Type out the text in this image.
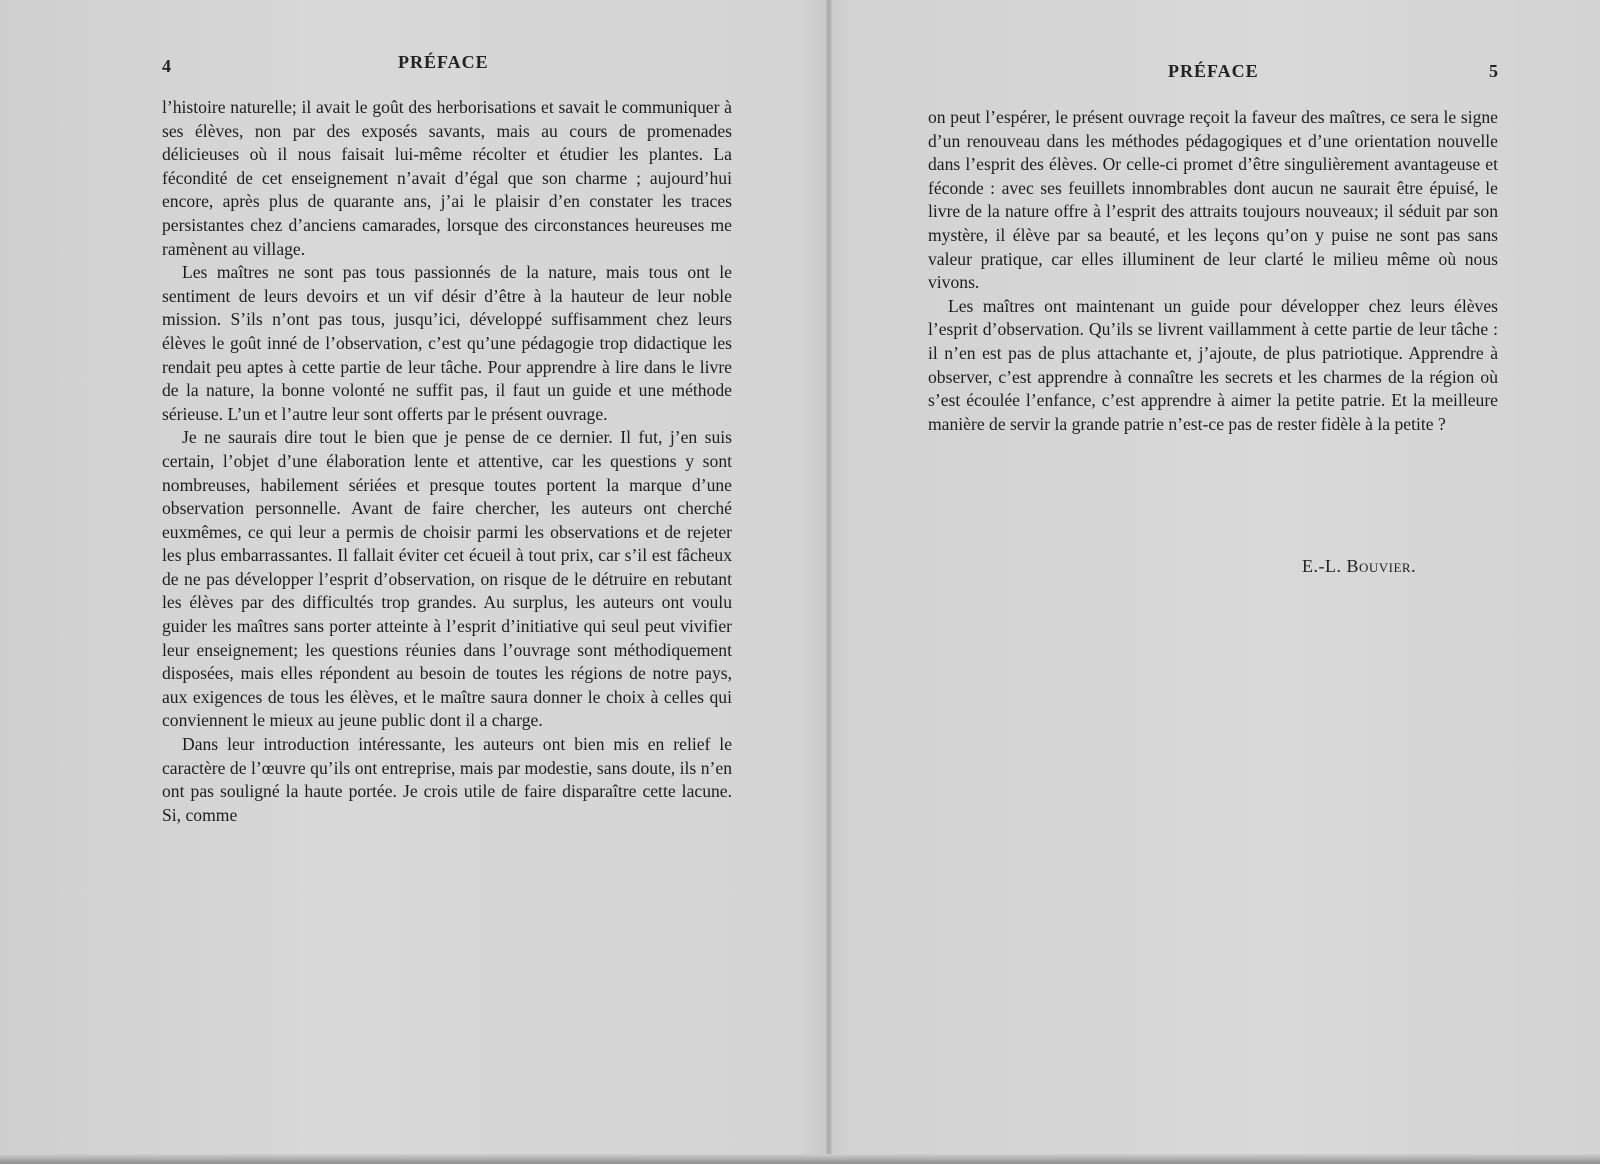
4	PRÉFACE

l’histoire naturelle; il avait le goût des herborisations et savait le communiquer à ses élèves, non par des exposés savants, mais au cours de promenades délicieuses où il nous faisait lui-même récolter et étudier les plantes. La fécondité de cet enseignement n’avait d’égal que son charme ; aujourd’hui encore, après plus de quarante ans, j’ai le plaisir d’en constater les traces persistantes chez d’anciens camarades, lorsque des circonstances heureuses me ramènent au village.

Les maîtres ne sont pas tous passionnés de la nature, mais tous ont le sentiment de leurs devoirs et un vif désir d’être à la hauteur de leur noble mission. S’ils n’ont pas tous, jusqu’ici, développé suffisamment chez leurs élèves le goût inné de l’observation, c’est qu’une pédagogie trop didactique les rendait peu aptes à cette partie de leur tâche. Pour apprendre à lire dans le livre de la nature, la bonne volonté ne suffit pas, il faut un guide et une méthode sérieuse. L’un et l’autre leur sont offerts par le présent ouvrage.

Je ne saurais dire tout le bien que je pense de ce dernier. Il fut, j’en suis certain, l’objet d’une élaboration lente et attentive, car les questions y sont nombreuses, habilement sériées et presque toutes portent la marque d’une observation personnelle. Avant de faire chercher, les auteurs ont cherché euxmêmes, ce qui leur a permis de choisir parmi les observations et de rejeter les plus embarrassantes. Il fallait éviter cet écueil à tout prix, car s’il est fâcheux de ne pas développer l’esprit d’observation, on risque de le détruire en rebutant les élèves par des difficultés trop grandes. Au surplus, les auteurs ont voulu guider les maîtres sans porter atteinte à l’esprit d’initiative qui seul peut vivifier leur enseignement; les questions réunies dans l’ouvrage sont méthodiquement disposées, mais elles répondent au besoin de toutes les régions de notre pays, aux exigences de tous les élèves, et le maître saura donner le choix à celles qui conviennent le mieux au jeune public dont il a charge.

Dans leur introduction intéressante, les auteurs ont bien mis en relief le caractère de l’œuvre qu’ils ont entreprise, mais par modestie, sans doute, ils n’en ont pas souligné la haute portée. Je crois utile de faire disparaître cette lacune. Si, comme

PRÉFACE	5

on peut l’espérer, le présent ouvrage reçoit la faveur des maîtres, ce sera le signe d’un renouveau dans les méthodes pédagogiques et d’une orientation nouvelle dans l’esprit des élèves. Or celle-ci promet d’être singulièrement avantageuse et féconde : avec ses feuillets innombrables dont aucun ne saurait être épuisé, le livre de la nature offre à l’esprit des attraits toujours nouveaux; il séduit par son mystère, il élève par sa beauté, et les leçons qu’on y puise ne sont pas sans valeur pratique, car elles illuminent de leur clarté le milieu même où nous vivons.

Les maîtres ont maintenant un guide pour développer chez leurs élèves l’esprit d’observation. Qu’ils se livrent vaillamment à cette partie de leur tâche : il n’en est pas de plus attachante et, j’ajoute, de plus patriotique. Apprendre à observer, c’est apprendre à connaître les secrets et les charmes de la région où s’est écoulée l’enfance, c’est apprendre à aimer la petite patrie. Et la meilleure manière de servir la grande patrie n’est-ce pas de rester fidèle à la petite ?

E.-L. Bouvier.
